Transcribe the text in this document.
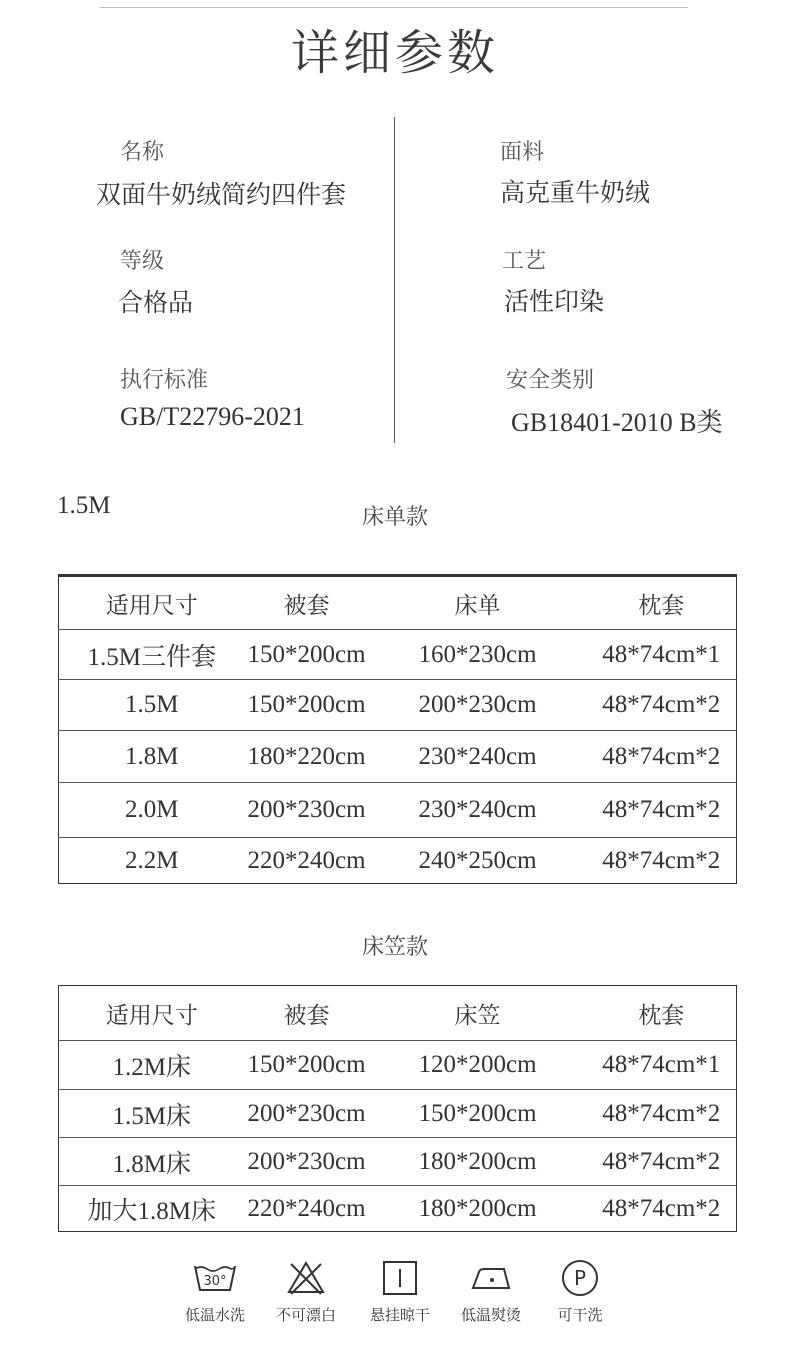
详细参数
名称
双面牛奶绒简约四件套
面料
高克重牛奶绒
等级
合格品
工艺
活性印染
执行标准
GB/T22796-2021
安全类别
GB18401-2010 B类
1.5M	床单款
适用尺寸	被套	床单	枕套
1.5M三件套	150*200cm	160*230cm	48*74cm*1
1.5M	150*200cm	200*230cm	48*74cm*2
1.8M	180*220cm	230*240cm	48*74cm*2
2.0M	200*230cm	230*240cm	48*74cm*2
2.2M	220*240cm	240*250cm	48*74cm*2
床笠款
适用尺寸	被套	床笠	枕套
1.2M床	150*200cm	120*200cm	48*74cm*1
1.5M床	200*230cm	150*200cm	48*74cm*2
1.8M床	200*230cm	180*200cm	48*74cm*2
加大1.8M床	220*240cm	180*200cm	48*74cm*2
30°
低温水洗	不可漂白	悬挂晾干	低温熨烫
P
可干洗
